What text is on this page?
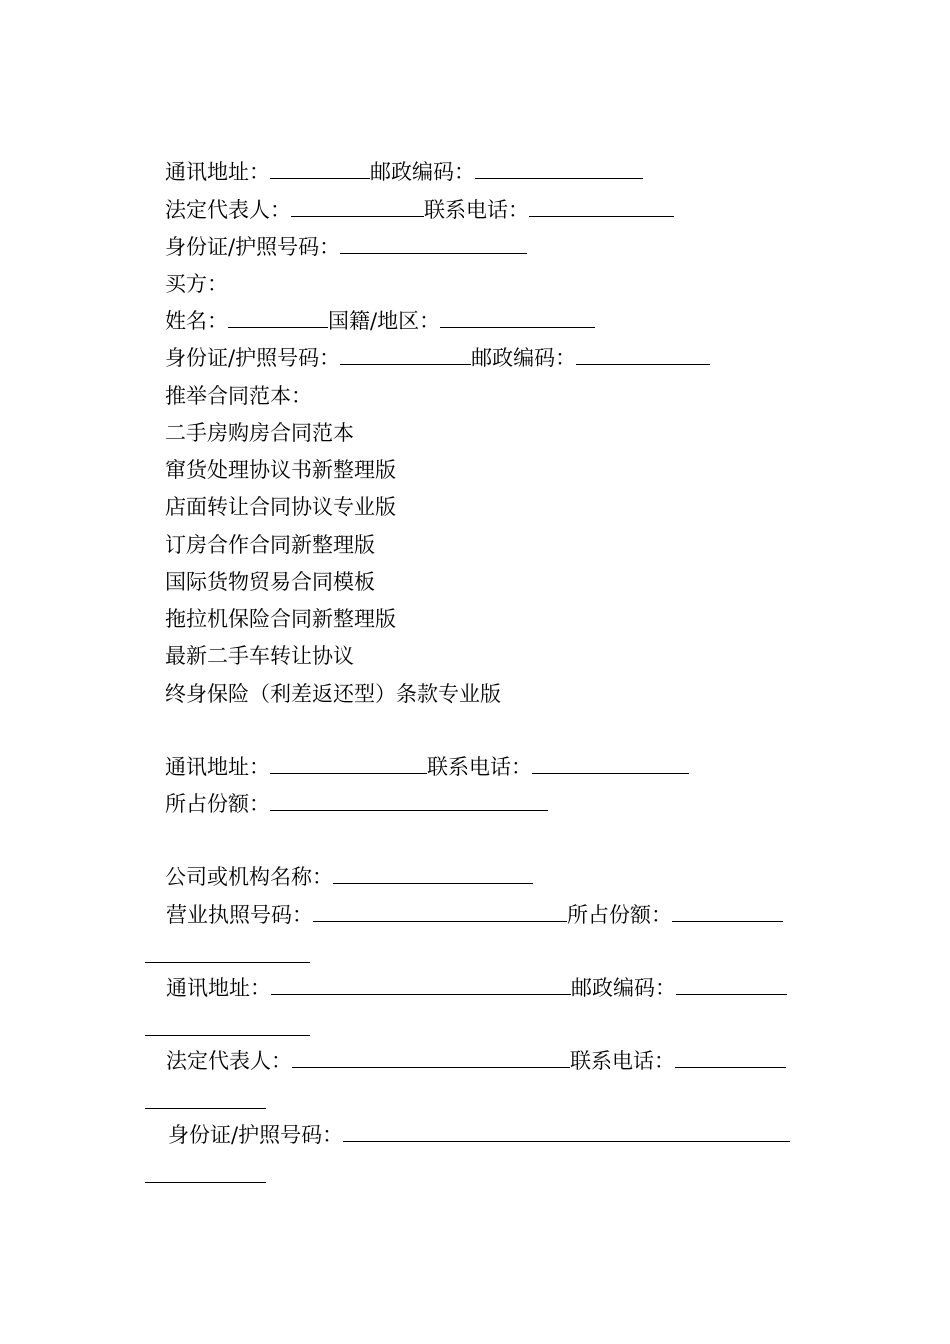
通讯地址：	邮政编码：
法定代表人：	联系电话：
身份证/护照号码：
买方：
姓名：	国籍/地区：
身份证/护照号码：	邮政编码：
推举合同范本：
二手房购房合同范本
窜货处理协议书新整理版
店面转让合同协议专业版
订房合作合同新整理版
国际货物贸易合同模板
拖拉机保险合同新整理版
最新二手车转让协议
终身保险（利差返还型）条款专业版
通讯地址：	联系电话：
所占份额：
公司或机构名称：
营业执照号码：	所占份额：
通讯地址：	邮政编码：
法定代表人：	联系电话：
身份证/护照号码：
